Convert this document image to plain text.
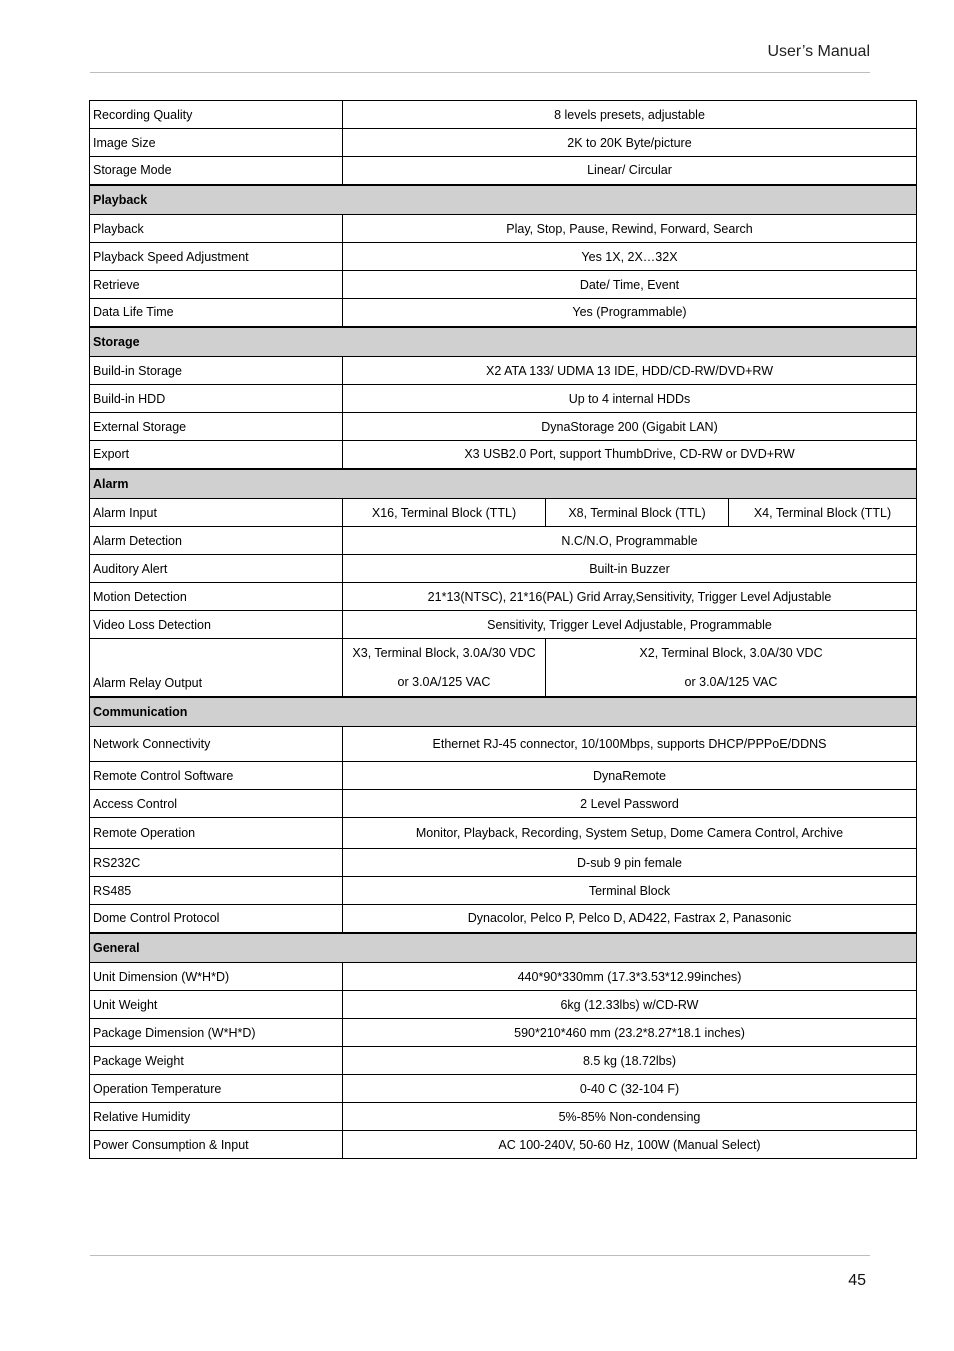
User’s Manual
Recording Quality	8 levels presets, adjustable		
Image Size	2K to 20K Byte/picture		
Storage Mode	Linear/ Circular		
Playback			
Playback	Play, Stop, Pause, Rewind, Forward, Search		
Playback Speed Adjustment	Yes 1X, 2X…32X		
Retrieve	Date/ Time, Event		
Data Life Time	Yes (Programmable)		
Storage			
Build-in Storage	X2 ATA 133/ UDMA 13 IDE, HDD/CD-RW/DVD+RW		
Build-in HDD	Up to 4 internal HDDs		
External Storage	DynaStorage 200 (Gigabit LAN)		
Export	X3 USB2.0 Port, support ThumbDrive, CD-RW or DVD+RW		
Alarm			
Alarm Input	X16, Terminal Block (TTL)	X8, Terminal Block (TTL)	X4, Terminal Block (TTL)
Alarm Detection	N.C/N.O, Programmable		
Auditory Alert	Built-in Buzzer		
Motion Detection	21*13(NTSC), 21*16(PAL) Grid Array,Sensitivity, Trigger Level Adjustable		
Video Loss Detection	Sensitivity, Trigger Level Adjustable, Programmable		
Alarm Relay Output	X3, Terminal Block, 3.0A/30 VDC	X2, Terminal Block, 3.0A/30 VDC	
	or 3.0A/125 VAC	or 3.0A/125 VAC	
Communication			
Network Connectivity	Ethernet RJ-45 connector, 10/100Mbps, supports DHCP/PPPoE/DDNS		
Remote Control Software	DynaRemote		
Access Control	2 Level Password		
Remote Operation	Monitor, Playback, Recording, System Setup, Dome Camera Control, Archive		
RS232C	D-sub 9 pin female		
RS485	Terminal Block		
Dome Control Protocol	Dynacolor, Pelco P, Pelco D, AD422, Fastrax 2, Panasonic		
General			
Unit Dimension (W*H*D)	440*90*330mm (17.3*3.53*12.99inches)		
Unit Weight	6kg (12.33lbs) w/CD-RW		
Package Dimension (W*H*D)	590*210*460 mm (23.2*8.27*18.1 inches)		
Package Weight	8.5 kg (18.72lbs)		
Operation Temperature	0-40 C (32-104 F)		
Relative Humidity	5%-85% Non-condensing		
Power Consumption & Input	AC 100-240V, 50-60 Hz, 100W (Manual Select)		
45
